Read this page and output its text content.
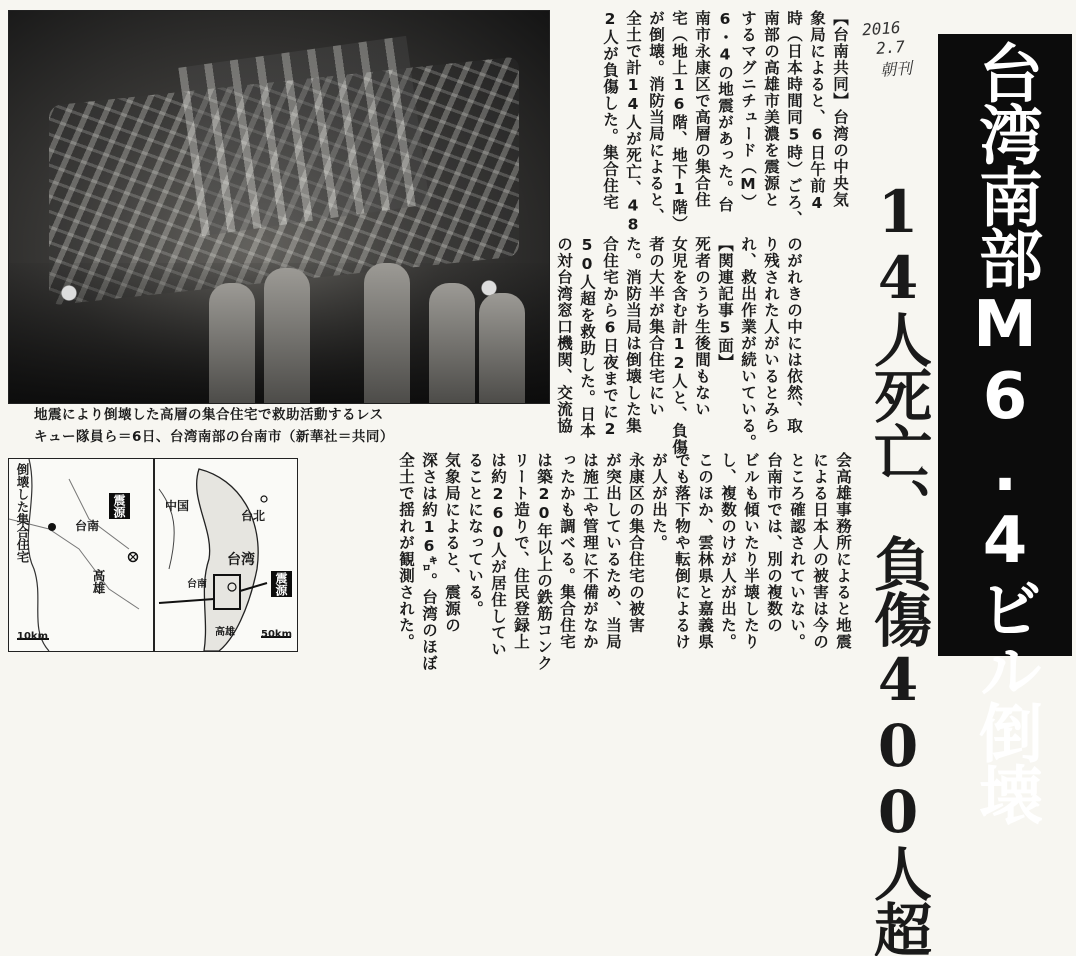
地震により倒壊した高層の集合住宅で救助活動するレス
キュー隊員ら＝6日、台湾南部の台南市（新華社＝共同）
【台南共同】台湾の中央気
象局によると、6日午前4
時（日本時間同5時）ごろ、
南部の高雄市美濃を震源と
するマグニチュード（M）
6・4の地震があった。台
南市永康区で高層の集合住
宅（地上16階、地下1階）
が倒壊。消防当局によると、
全土で計14人が死亡、48
2人が負傷した。集合住宅
のがれきの中には依然、取
り残された人がいるとみら
れ、救出作業が続いている。
【関連記事5面】
死者のうち生後間もない
女児を含む計12人と、負傷
者の大半が集合住宅にい
た。消防当局は倒壊した集
合住宅から6日夜までに2
50人超を救助した。日本
の対台湾窓口機関、交流協
会高雄事務所によると地震
による日本人の被害は今の
ところ確認されていない。
台南市では、別の複数の
ビルも傾いたり半壊したり
し、複数のけが人が出た。
このほか、雲林県と嘉義県
でも落下物や転倒によるけ
が人が出た。
永康区の集合住宅の被害
が突出しているため、当局
は施工や管理に不備がなか
ったかも調べる。集合住宅
は築20年以上の鉄筋コンク
リート造りで、住民登録上
は約260人が居住してい
ることになっている。
気象局によると、震源の
深さは約16㌔。台湾のほぼ
全土で揺れが観測された。
2016
2.7
朝刊
14人死亡、負傷400人超 台湾南部M6.4ビル倒壊
倒壊した集合住宅	震源
台南
高雄
10km
中国
台北
台湾
台南
高雄
震源
50km
